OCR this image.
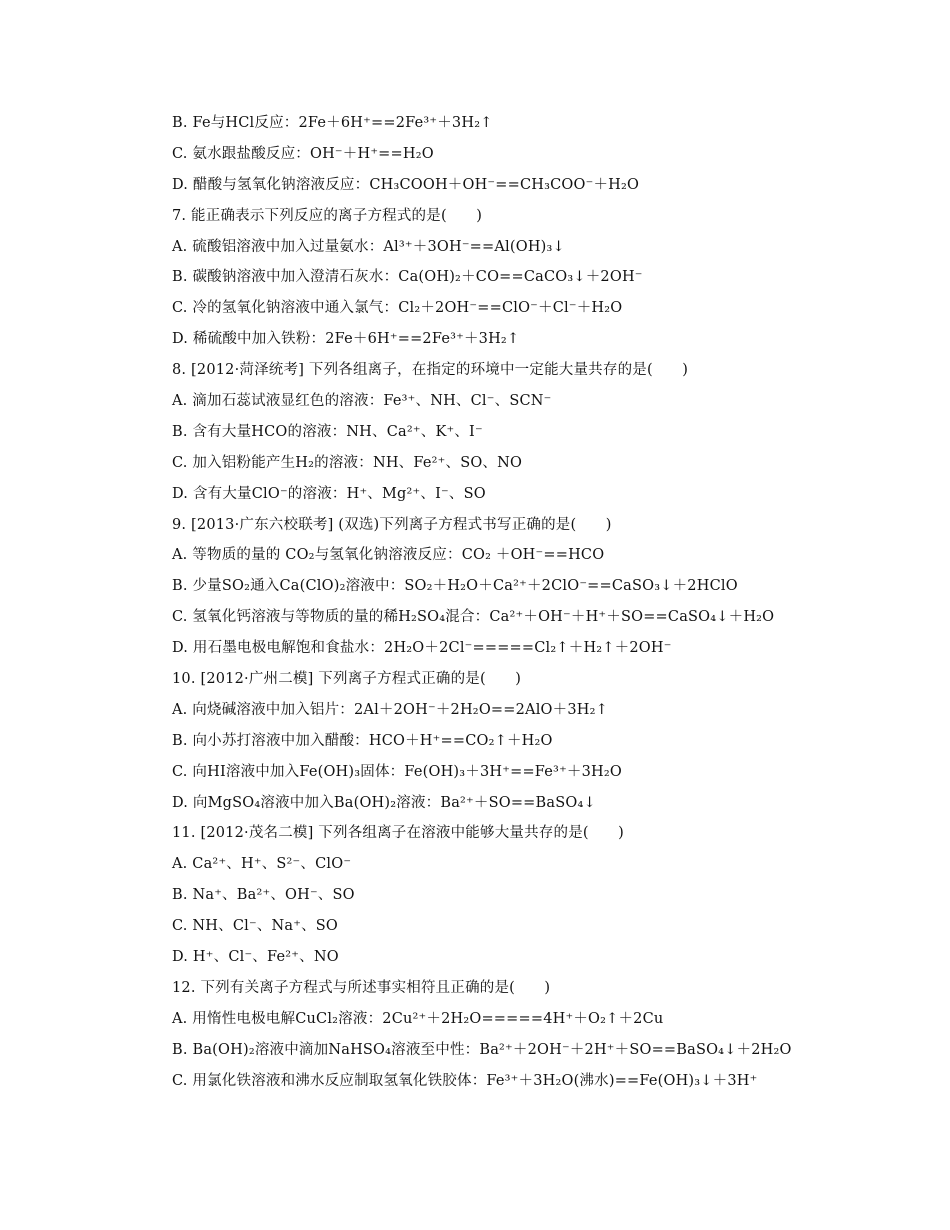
B. Fe与HCl反应：2Fe＋6H⁺==2Fe³⁺＋3H₂↑
C. 氨水跟盐酸反应：OH⁻＋H⁺==H₂O
D. 醋酸与氢氧化钠溶液反应：CH₃COOH＋OH⁻==CH₃COO⁻＋H₂O
7. 能正确表示下列反应的离子方程式的是(　　)
A. 硫酸铝溶液中加入过量氨水：Al³⁺＋3OH⁻==Al(OH)₃↓
B. 碳酸钠溶液中加入澄清石灰水：Ca(OH)₂＋CO==CaCO₃↓＋2OH⁻
C. 冷的氢氧化钠溶液中通入氯气：Cl₂＋2OH⁻==ClO⁻＋Cl⁻＋H₂O
D. 稀硫酸中加入铁粉：2Fe＋6H⁺==2Fe³⁺＋3H₂↑
8. [2012·菏泽统考] 下列各组离子，在指定的环境中一定能大量共存的是(　　)
A. 滴加石蕊试液显红色的溶液：Fe³⁺、NH、Cl⁻、SCN⁻
B. 含有大量HCO的溶液：NH、Ca²⁺、K⁺、I⁻
C. 加入铝粉能产生H₂的溶液：NH、Fe²⁺、SO、NO
D. 含有大量ClO⁻的溶液：H⁺、Mg²⁺、I⁻、SO
9. [2013·广东六校联考] (双选)下列离子方程式书写正确的是(　　)
A. 等物质的量的 CO₂与氢氧化钠溶液反应：CO₂ ＋OH⁻==HCO
B. 少量SO₂通入Ca(ClO)₂溶液中：SO₂＋H₂O＋Ca²⁺＋2ClO⁻==CaSO₃↓＋2HClO
C. 氢氧化钙溶液与等物质的量的稀H₂SO₄混合：Ca²⁺＋OH⁻＋H⁺＋SO==CaSO₄↓＋H₂O
D. 用石墨电极电解饱和食盐水：2H₂O＋2Cl⁻=====Cl₂↑＋H₂↑＋2OH⁻
10. [2012·广州二模] 下列离子方程式正确的是(　　)
A. 向烧碱溶液中加入铝片：2Al＋2OH⁻＋2H₂O==2AlO＋3H₂↑
B. 向小苏打溶液中加入醋酸：HCO＋H⁺==CO₂↑＋H₂O
C. 向HI溶液中加入Fe(OH)₃固体：Fe(OH)₃＋3H⁺==Fe³⁺＋3H₂O
D. 向MgSO₄溶液中加入Ba(OH)₂溶液：Ba²⁺＋SO==BaSO₄↓
11. [2012·茂名二模] 下列各组离子在溶液中能够大量共存的是(　　)
A. Ca²⁺、H⁺、S²⁻、ClO⁻
B. Na⁺、Ba²⁺、OH⁻、SO
C. NH、Cl⁻、Na⁺、SO
D. H⁺、Cl⁻、Fe²⁺、NO
12. 下列有关离子方程式与所述事实相符且正确的是(　　)
A. 用惰性电极电解CuCl₂溶液：2Cu²⁺＋2H₂O=====4H⁺＋O₂↑＋2Cu
B. Ba(OH)₂溶液中滴加NaHSO₄溶液至中性：Ba²⁺＋2OH⁻＋2H⁺＋SO==BaSO₄↓＋2H₂O
C. 用氯化铁溶液和沸水反应制取氢氧化铁胶体：Fe³⁺＋3H₂O(沸水)==Fe(OH)₃↓＋3H⁺
